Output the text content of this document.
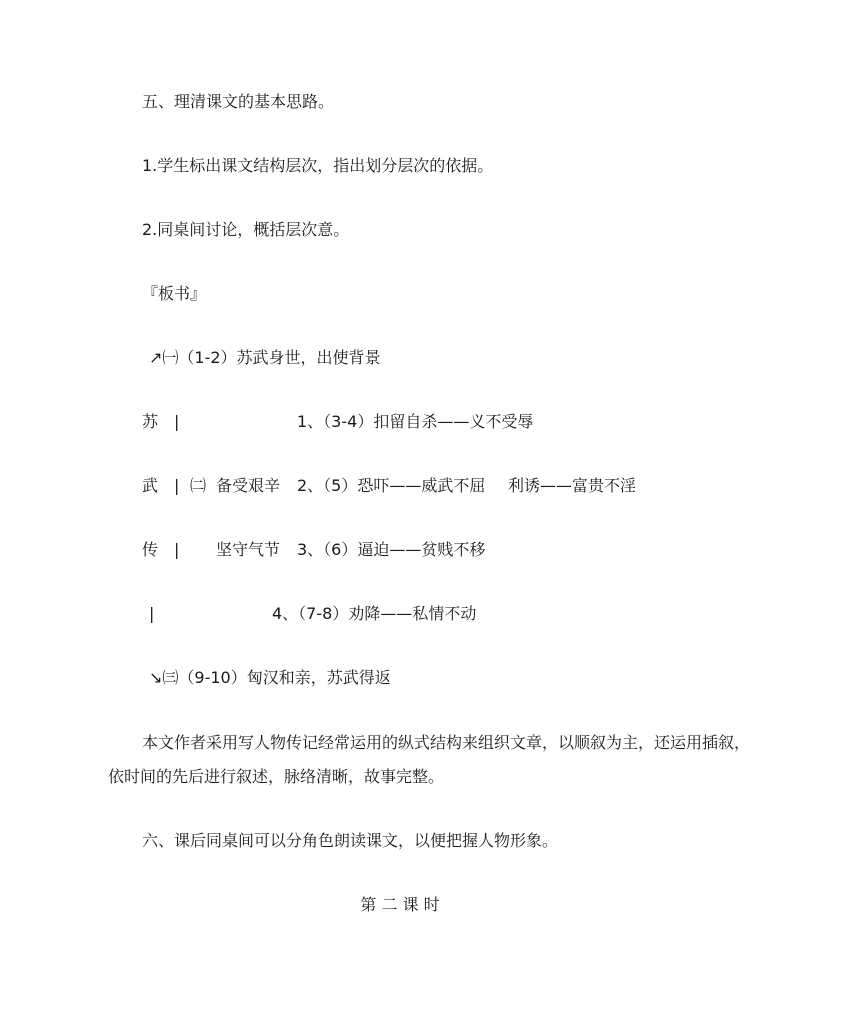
五、理清课文的基本思路。
1.学生标出课文结构层次，指出划分层次的依据。
2.同桌间讨论，概括层次意。
『板书』
↗㈠（1-2）苏武身世，出使背景
苏 |	1、（3-4）扣留自杀——义不受辱
武 | ㈡ 备受艰辛 2、（5）恐吓——威武不屈 利诱——富贵不淫
传 | 坚守气节 3、（6）逼迫——贫贱不移
|	4、（7-8）劝降——私情不动
↘㈢（9-10）匈汉和亲，苏武得返
本文作者采用写人物传记经常运用的纵式结构来组织文章，以顺叙为主，还运用插叙，
依时间的先后进行叙述，脉络清晰，故事完整。
六、课后同桌间可以分角色朗读课文，以便把握人物形象。
第 二 课 时
